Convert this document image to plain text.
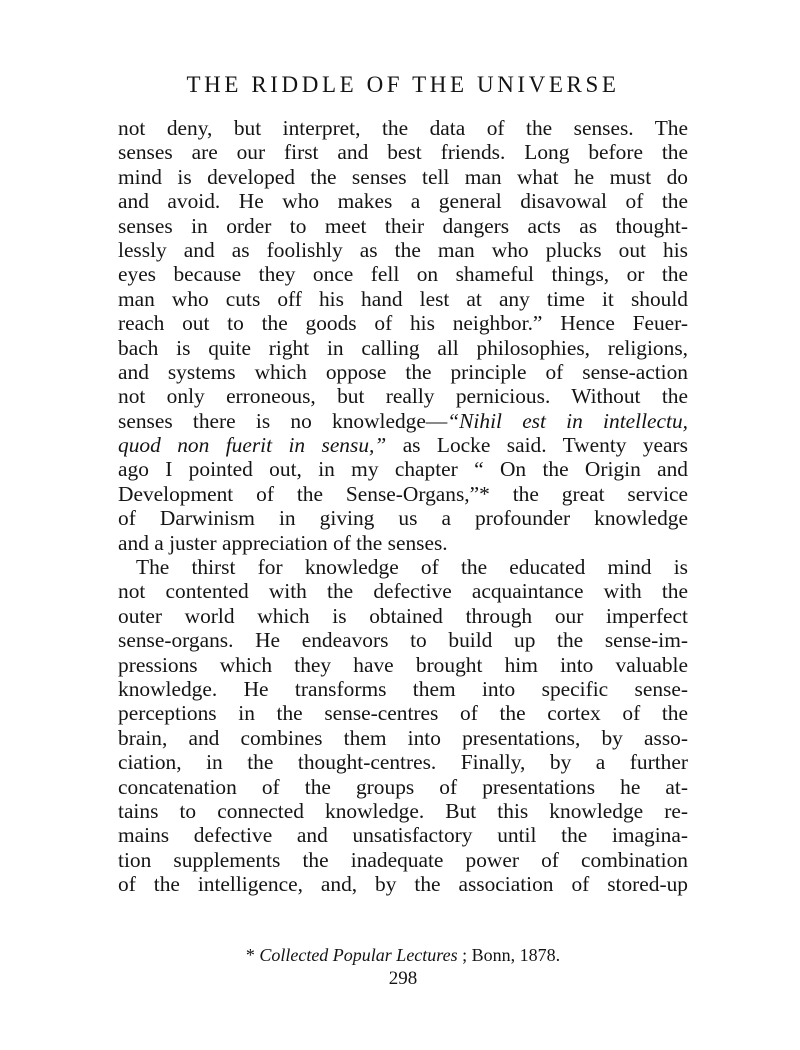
THE RIDDLE OF THE UNIVERSE
not deny, but interpret, the data of the senses. The
senses are our first and best friends. Long before the
mind is developed the senses tell man what he must do
and avoid. He who makes a general disavowal of the
senses in order to meet their dangers acts as thought-
lessly and as foolishly as the man who plucks out his
eyes because they once fell on shameful things, or the
man who cuts off his hand lest at any time it should
reach out to the goods of his neighbor.” Hence Feuer-
bach is quite right in calling all philosophies, religions,
and systems which oppose the principle of sense-action
not only erroneous, but really pernicious. Without the
senses there is no knowledge—“Nihil est in intellectu,
quod non fuerit in sensu,” as Locke said. Twenty years
ago I pointed out, in my chapter “ On the Origin and
Development of the Sense-Organs,”* the great service
of Darwinism in giving us a profounder knowledge
and a juster appreciation of the senses.
The thirst for knowledge of the educated mind is
not contented with the defective acquaintance with the
outer world which is obtained through our imperfect
sense-organs. He endeavors to build up the sense-im-
pressions which they have brought him into valuable
knowledge. He transforms them into specific sense-
perceptions in the sense-centres of the cortex of the
brain, and combines them into presentations, by asso-
ciation, in the thought-centres. Finally, by a further
concatenation of the groups of presentations he at-
tains to connected knowledge. But this knowledge re-
mains defective and unsatisfactory until the imagina-
tion supplements the inadequate power of combination
of the intelligence, and, by the association of stored-up
* Collected Popular Lectures ; Bonn, 1878.
298
